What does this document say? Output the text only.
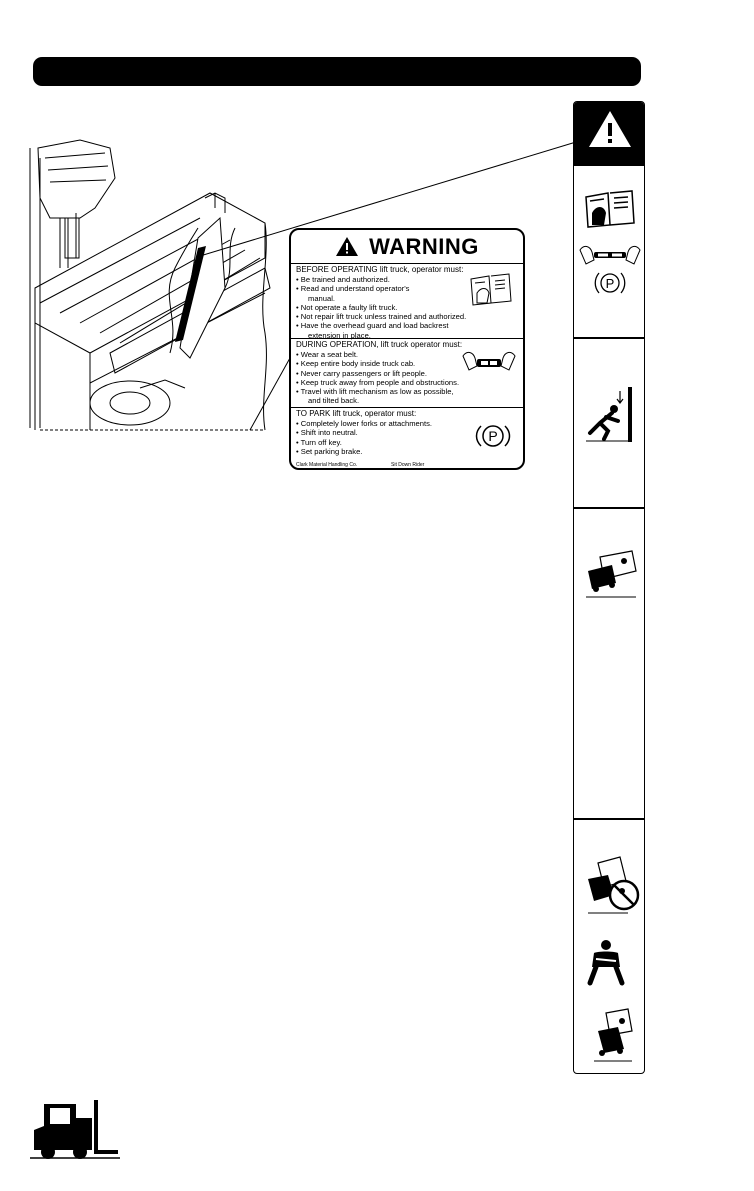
WARNING
BEFORE OPERATING lift truck, operator must:
• Be trained and authorized.
• Read and understand operator's
manual.
• Not operate a faulty lift truck.
• Not repair lift truck unless trained and authorized.
• Have the overhead guard and load backrest
extension in place.
DURING OPERATION, lift truck operator must:
• Wear a seat belt.
• Keep entire body inside truck cab.
• Never carry passengers or lift people.
• Keep truck away from people and obstructions.
• Travel with lift mechanism as low as possible,
and tilted back.
TO PARK lift truck, operator must:
• Completely lower forks or attachments.
• Shift into neutral.
• Turn off key.
• Set parking brake.
P
Clark Material Handling Co.	Sit Down Rider
P
